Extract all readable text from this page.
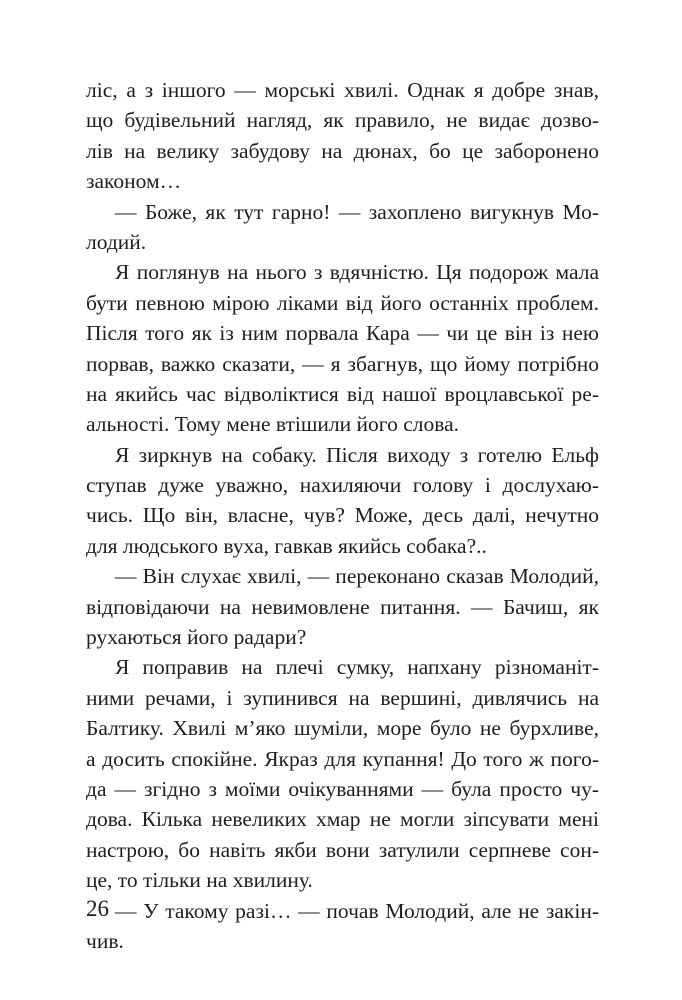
ліс, а з іншого — морські хвилі. Однак я добре знав,
що будівельний нагляд, як правило, не видає дозво-
лів на велику забудову на дюнах, бо це заборонено
законом…
— Боже, як тут гарно! — захоплено вигукнув Мо-
лодий.
Я поглянув на нього з вдячністю. Ця подорож мала
бути певною мірою ліками від його останніх проблем.
Після того як із ним порвала Кара — чи це він із нею
порвав, важко сказати, — я збагнув, що йому потрібно
на якийсь час відволіктися від нашої вроцлавської ре-
альності. Тому мене втішили його слова.
Я зиркнув на собаку. Після виходу з готелю Ельф
ступав дуже уважно, нахиляючи голову і дослухаю-
чись. Що він, власне, чув? Може, десь далі, нечутно
для людського вуха, гавкав якийсь собака?..
— Він слухає хвилі, — переконано сказав Молодий,
відповідаючи на невимовлене питання. — Бачиш, як
рухаються його радари?
Я поправив на плечі сумку, напхану різноманіт-
ними речами, і зупинився на вершині, дивлячись на
Балтику. Хвилі м’яко шуміли, море було не бурхливе,
а досить спокійне. Якраз для купання! До того ж пого-
да — згідно з моїми очікуваннями — була просто чу-
дова. Кілька невеликих хмар не могли зіпсувати мені
настрою, бо навіть якби вони затулили серпневе сон-
це, то тільки на хвилину.
— У такому разі… — почав Молодий, але не закін-
чив.

26
